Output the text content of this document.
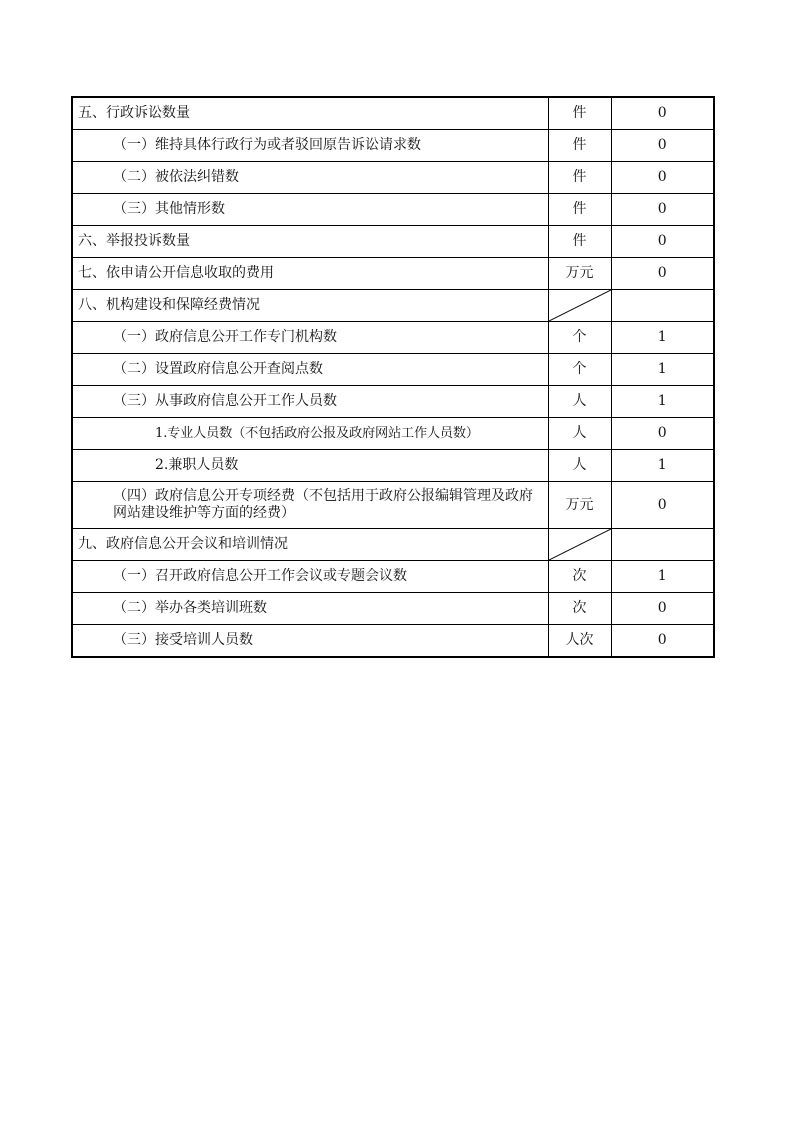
五、行政诉讼数量	件	0
（一）维持具体行政行为或者驳回原告诉讼请求数	件	0
（二）被依法纠错数	件	0
（三）其他情形数	件	0
六、举报投诉数量	件	0
七、依申请公开信息收取的费用	万元	0
八、机构建设和保障经费情况	

（一）政府信息公开工作专门机构数	个	1
（二）设置政府信息公开查阅点数	个	1
（三）从事政府信息公开工作人员数	人	1
1.专业人员数（不包括政府公报及政府网站工作人员数）	人	0
2.兼职人员数	人	1
（四）政府信息公开专项经费（不包括用于政府公报编辑管理及政府网站建设维护等方面的经费）	万元	0
九、政府信息公开会议和培训情况	

（一）召开政府信息公开工作会议或专题会议数	次	1
（二）举办各类培训班数	次	0
（三）接受培训人员数	人次	0
